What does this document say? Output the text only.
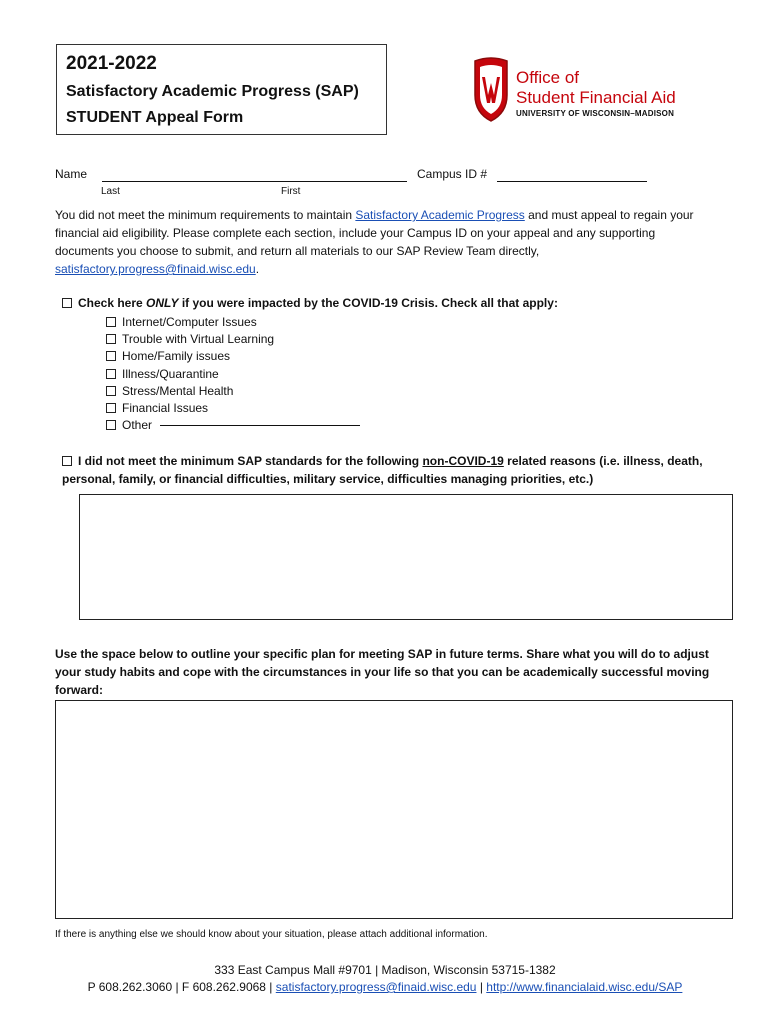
2021-2022
Satisfactory Academic Progress (SAP)
STUDENT Appeal Form
Office of
Student Financial Aid
UNIVERSITY OF WISCONSIN–MADISON
Name	Campus ID #
Last	First
You did not meet the minimum requirements to maintain Satisfactory Academic Progress and must appeal to regain your financial aid eligibility. Please complete each section, include your Campus ID on your appeal and any supporting documents you choose to submit, and return all materials to our SAP Review Team directly, satisfactory.progress@finaid.wisc.edu.
Check here ONLY if you were impacted by the COVID-19 Crisis. Check all that apply:
Internet/Computer Issues
Trouble with Virtual Learning
Home/Family issues
Illness/Quarantine
Stress/Mental Health
Financial Issues
Other
I did not meet the minimum SAP standards for the following non-COVID-19 related reasons (i.e. illness, death, personal, family, or financial difficulties, military service, difficulties managing priorities, etc.)
Use the space below to outline your specific plan for meeting SAP in future terms. Share what you will do to adjust your study habits and cope with the circumstances in your life so that you can be academically successful moving forward:
If there is anything else we should know about your situation, please attach additional information.
333 East Campus Mall #9701 | Madison, Wisconsin 53715-1382
P 608.262.3060 | F 608.262.9068 | satisfactory.progress@finaid.wisc.edu | http://www.financialaid.wisc.edu/SAP
